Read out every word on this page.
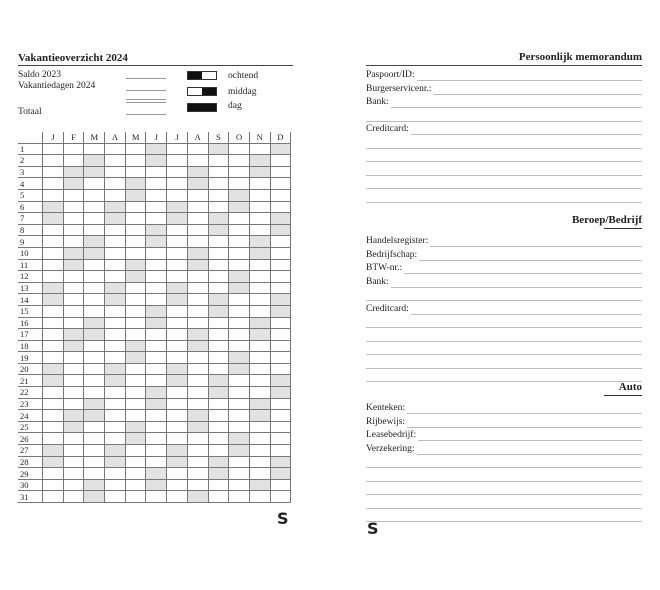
Vakantieoverzicht 2024
Saldo 2023
Vakantiedagen 2024
Totaal
ochtend
middag
dag
	J	F	M	A	M	J	J	A	S	O	N	D
1												
2												
3												
4												
5												
6												
7												
8												
9												
10												
11												
12												
13												
14												
15												
16												
17												
18												
19												
20												
21												
22												
23												
24												
25												
26												
27												
28												
29												
30												
31												
S
Persoonlijk memorandum
Paspoort/ID:
Burgerservicenr.:
Bank:
Creditcard:
Beroep/Bedrijf
Handelsregister:
Bedrijfschap:
BTW-nr.:
Bank:
Creditcard:
Auto
Kenteken:
Rijbewijs:
Leasebedrijf:
Verzekering:
S
